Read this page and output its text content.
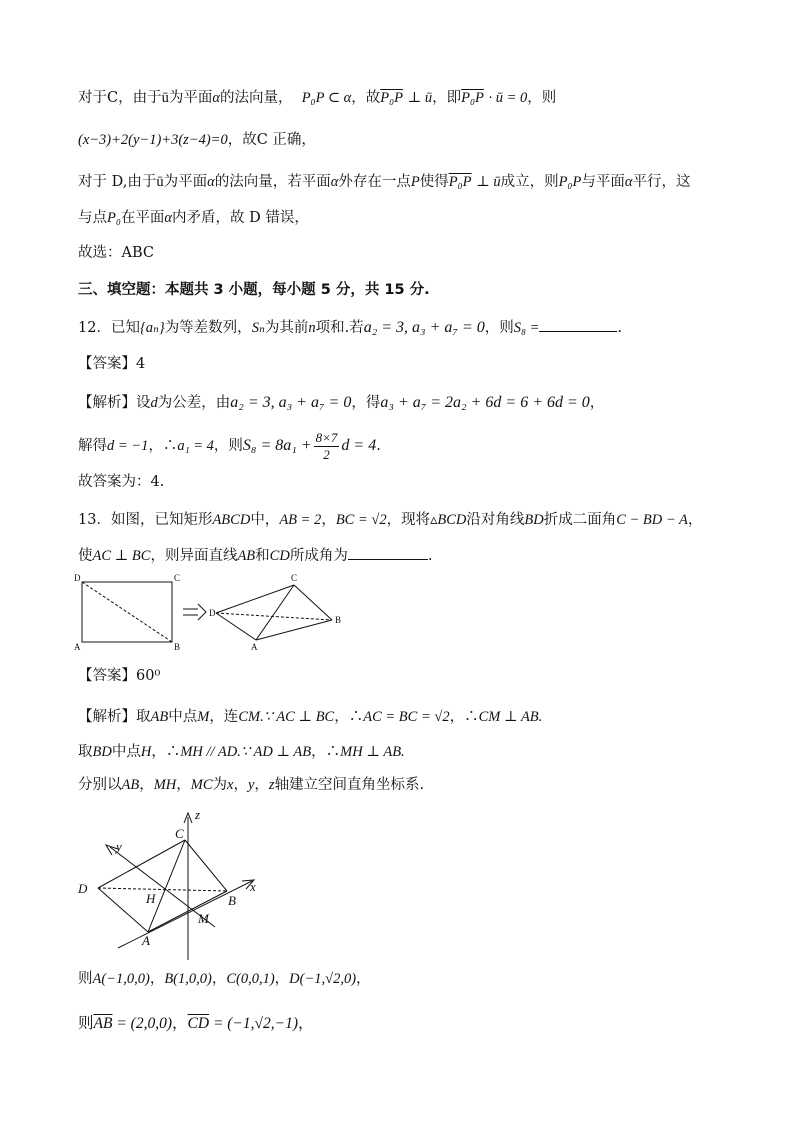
对于C，由于ū为平面α的法向量， P₀P ⊂ α，故P₀P ⊥ ū，即P₀P · ū = 0，则
(x−3)+2(y−1)+3(z−4)=0，故C 正确，
对于 D,由于ū为平面α的法向量，若平面α外存在一点P使得P₀P ⊥ ū成立，则P₀P与平面α平行，这
与点P₀在平面α内矛盾，故 D 错误，
故选：ABC
三、填空题：本题共 3 小题，每小题 5 分，共 15 分.
12．已知{aₙ}为等差数列，Sₙ为其前n项和.若a₂ = 3, a₃ + a₇ = 0，则S₈ =	.
【答案】4
【解析】设d为公差，由a₂ = 3, a₃ + a₇ = 0，得a₃ + a₇ = 2a₂ + 6d = 6 + 6d = 0，
解得d = −1，∴a₁ = 4，则$S_8 = 8a_1 + \frac{8\times 7}{2}$ d = 4.
故答案为：4.
13．如图，已知矩形ABCD中，AB = 2，BC = √2，现将▵BCD沿对角线BD折成二面角C − BD − A，
使AC ⊥ BC，则异面直线AB和CD所成角为	.
D	C
A	B
C
D
B
A
【答案】60⁰
【解析】取AB中点M，连CM.∵ AC ⊥ BC，∴AC = BC = √2，∴CM ⊥ AB.
取BD中点H，∴MH // AD.∵ AD ⊥ AB，∴MH ⊥ AB.
分别以AB，MH，MC为x，y，z轴建立空间直角坐标系.
z
y
x
C
D
H	B
M
A
则A(−1,0,0)，B(1,0,0)，C(0,0,1)，D(−1,√2,0)，
则$\overline{AB} = (2,0,0)$，$\overline{CD} = (-1,√2,-1)$，
